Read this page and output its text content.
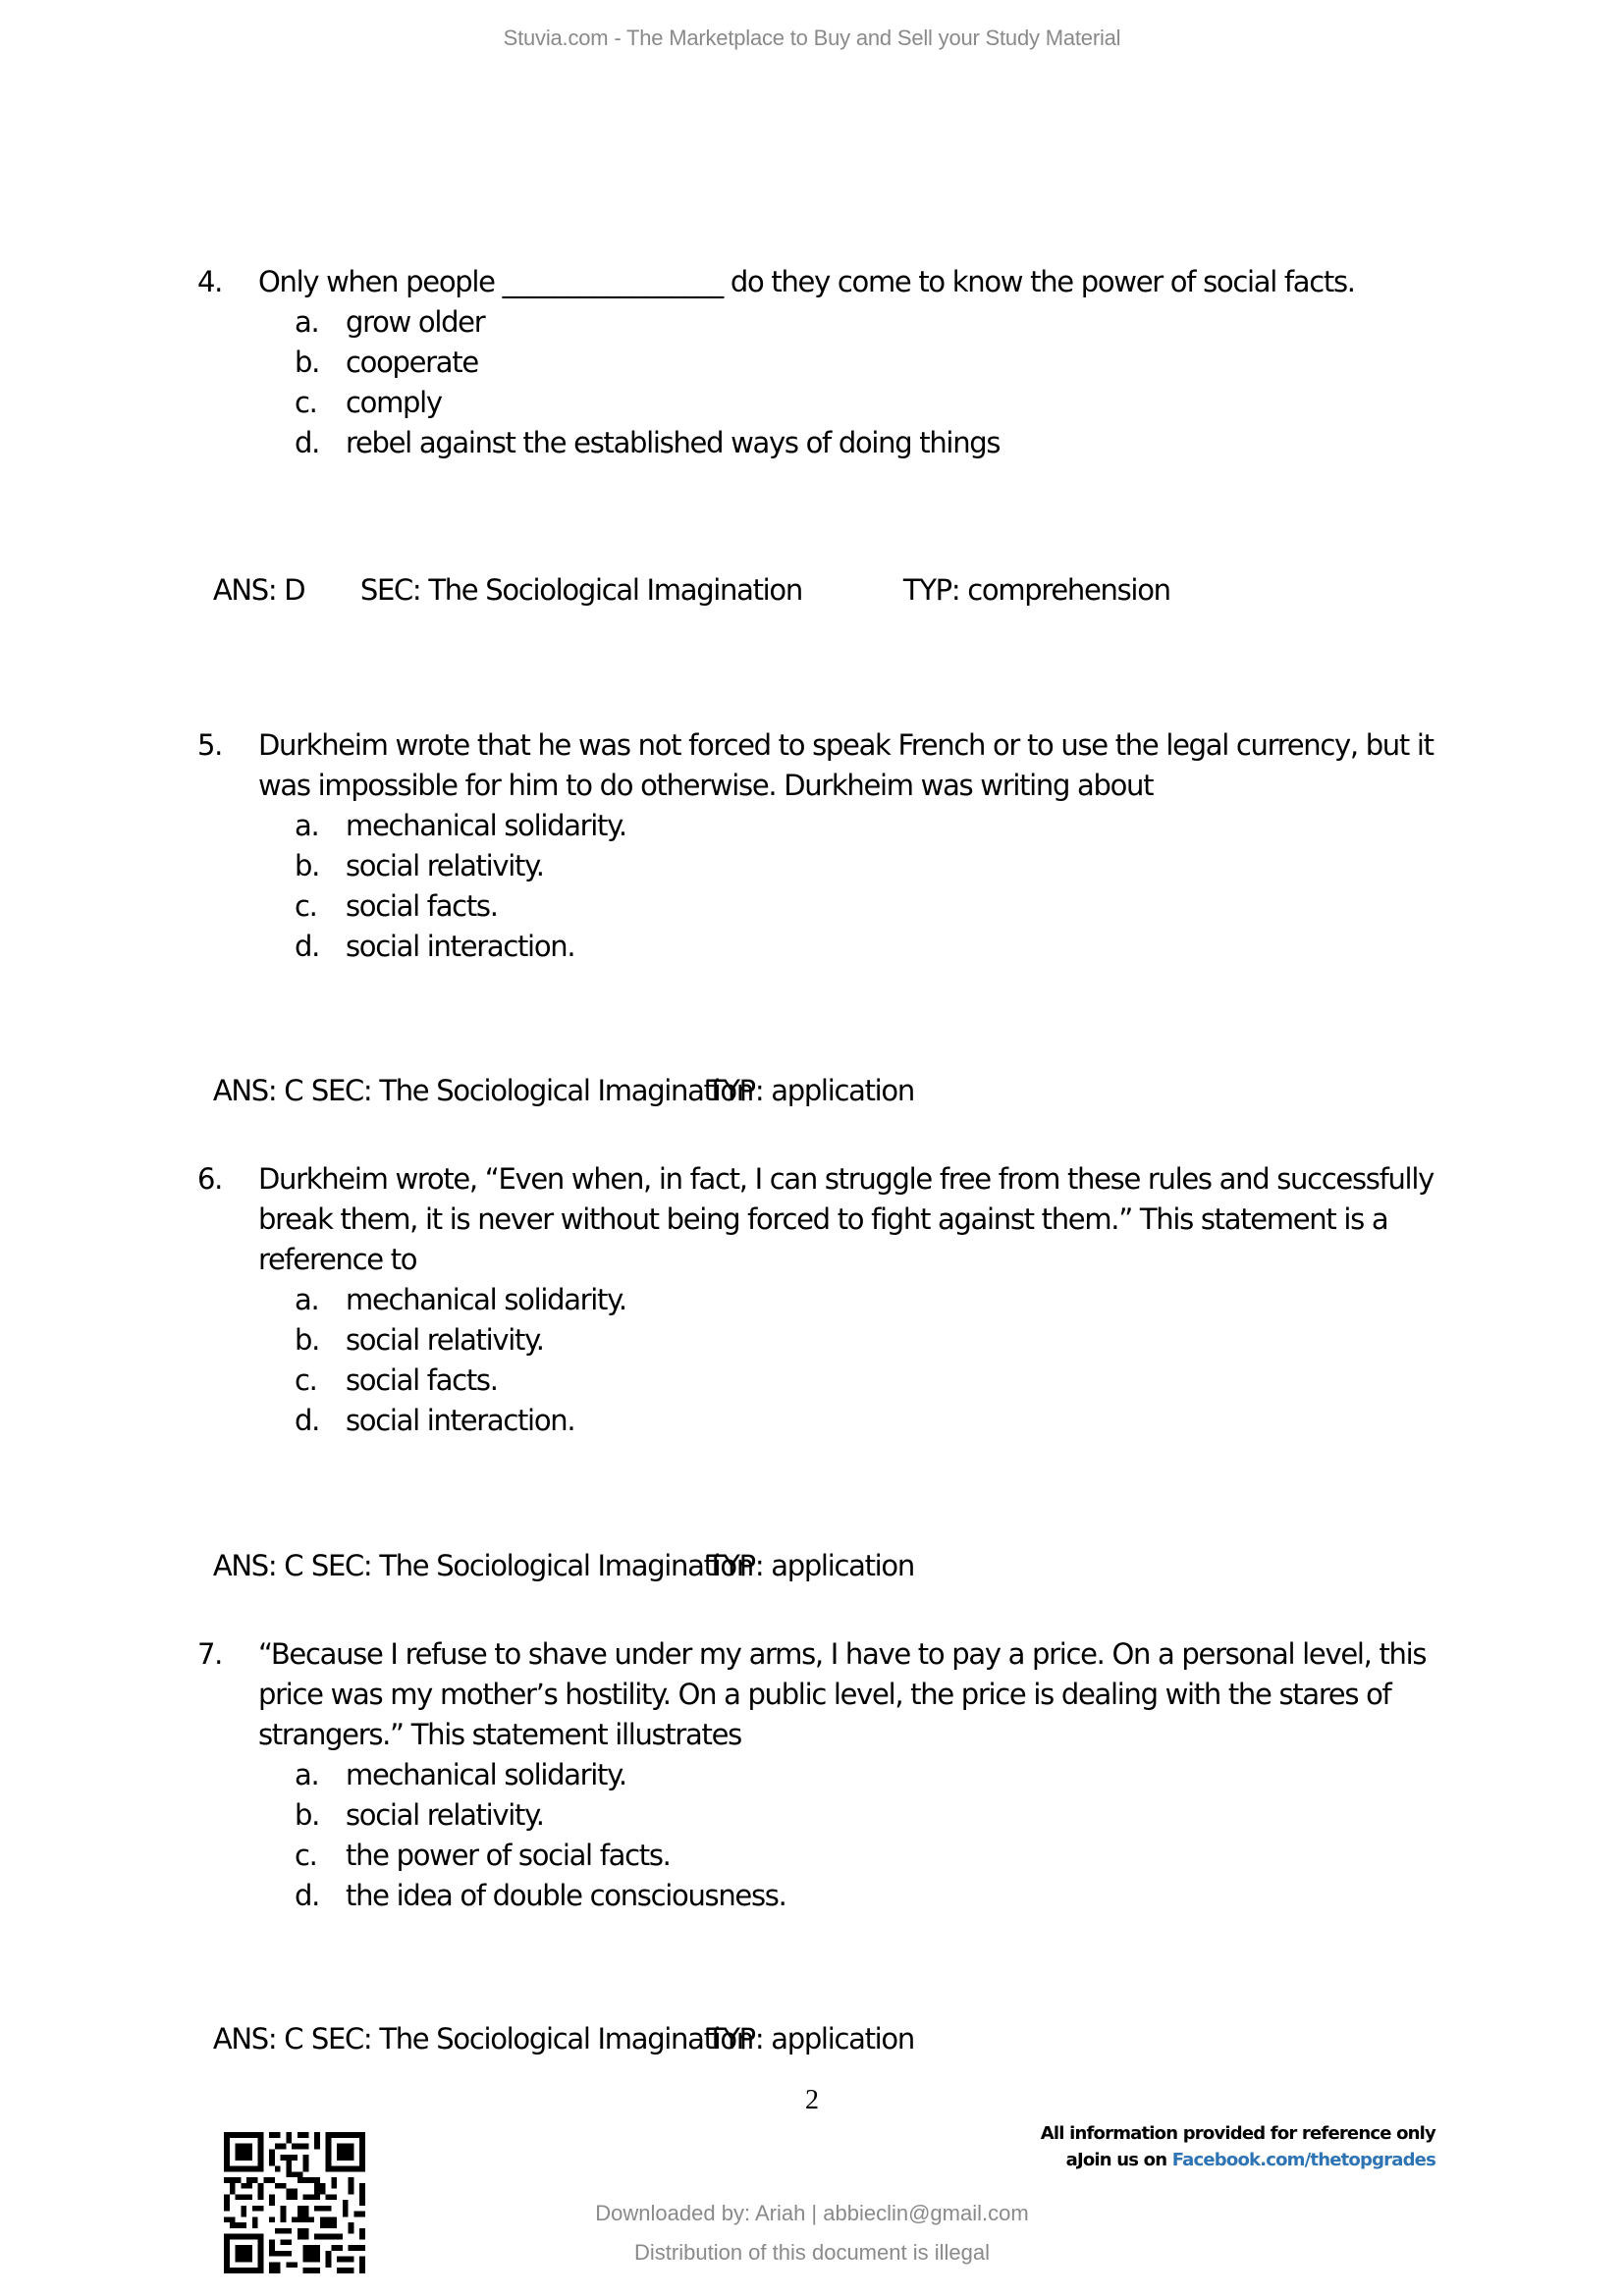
Stuvia.com - The Marketplace to Buy and Sell your Study Material
4.	Only when people _________________ do they come to know the power of social facts.
a. grow older
b. cooperate
c.	comply
d. rebel against the established ways of doing things

ANS: D SEC: The Sociological Imagination	TYP: comprehension

5.	Durkheim wrote that he was not forced to speak French or to use the legal currency, but it was impossible for him to do otherwise. Durkheim was writing about
a. mechanical solidarity.
b. social relativity.
c.	social facts.
d. social interaction.

ANS: C SEC: The Sociological ImaginationTYP: application

6.	Durkheim wrote, “Even when, in fact, I can struggle free from these rules and successfully break them, it is never without being forced to fight against them.” This statement is a reference to
a. mechanical solidarity.
b. social relativity.
c.	social facts.
d. social interaction.

ANS: C SEC: The Sociological ImaginationTYP: application

7.	“Because I refuse to shave under my arms, I have to pay a price. On a personal level, this price was my mother’s hostility. On a public level, the price is dealing with the stares of strangers.” This statement illustrates
a. mechanical solidarity.
b. social relativity.
c.	the power of social facts.
d. the idea of double consciousness.

ANS: C SEC: The Sociological ImaginationTYP: application

2
All information provided for reference only
aJoin us on Facebook.com/thetopgrades
Downloaded by: Ariah | abbieclin@gmail.com
Distribution of this document is illegal
